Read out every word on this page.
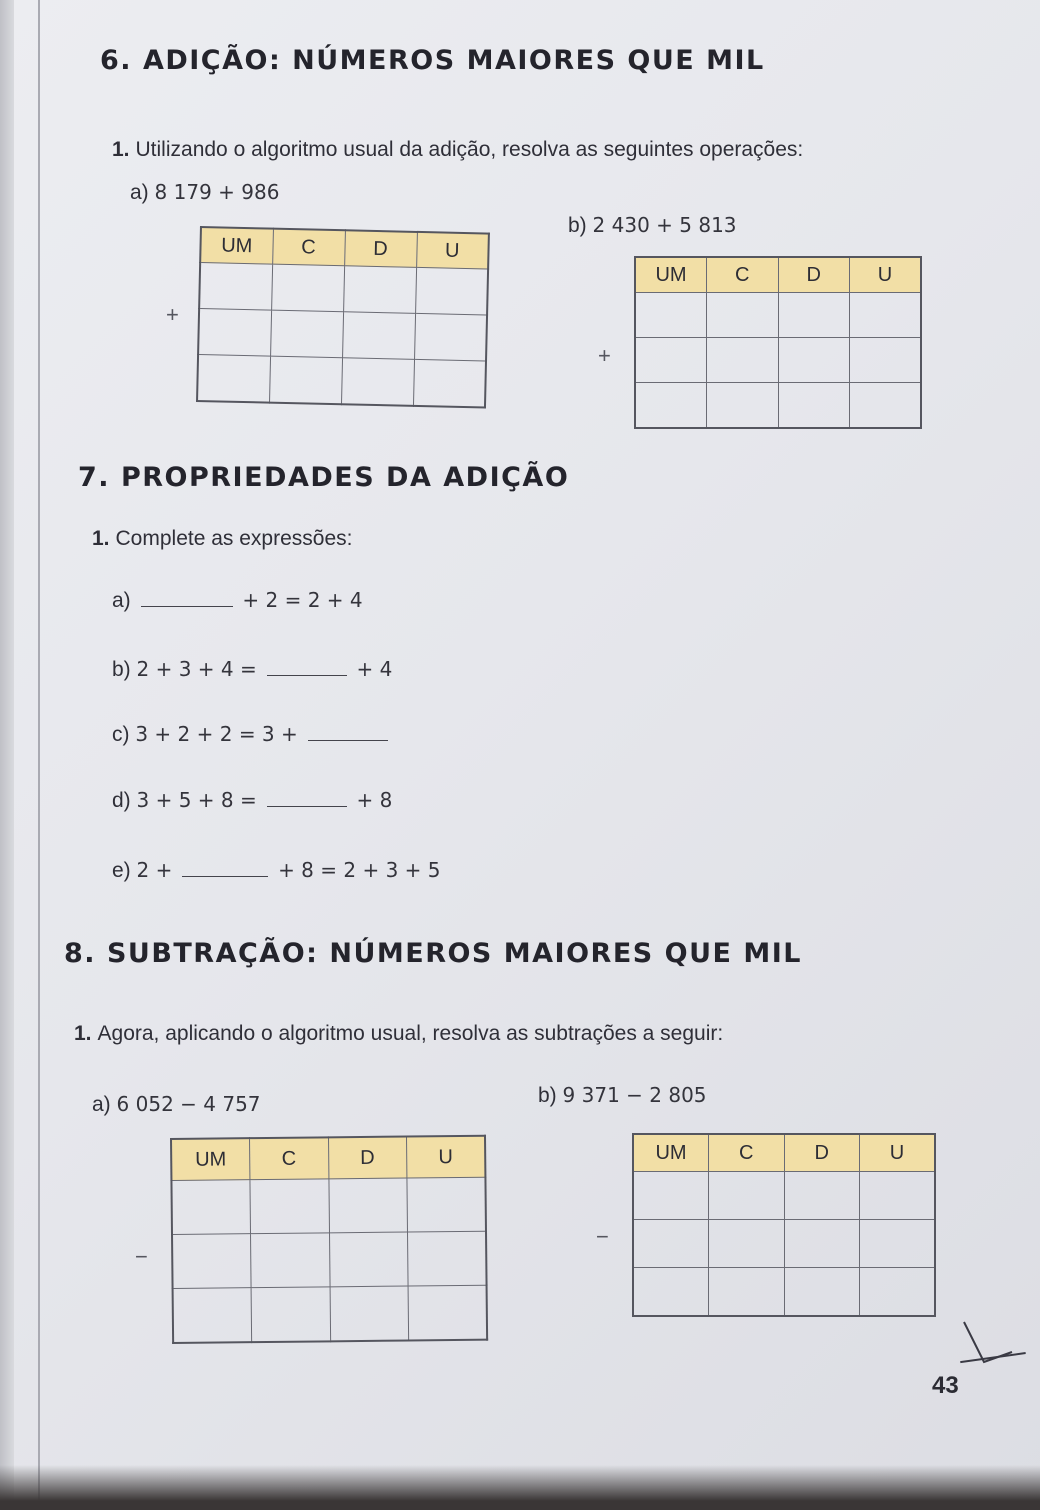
6. ADIÇÃO: NÚMEROS MAIORES QUE MIL
1. Utilizando o algoritmo usual da adição, resolva as seguintes operações:
a) 8 179 + 986
b) 2 430 + 5 813
+
UM	C	D	U

+
UM	C	D	U

7. PROPRIEDADES DA ADIÇÃO
1. Complete as expressões:
a)	+ 2 = 2 + 4
b) 2 + 3 + 4 =	+ 4
c) 3 + 2 + 2 = 3 +
d) 3 + 5 + 8 =	+ 8
e) 2 +	+ 8 = 2 + 3 + 5
8. SUBTRAÇÃO: NÚMEROS MAIORES QUE MIL
1. Agora, aplicando o algoritmo usual, resolva as subtrações a seguir:
a) 6 052 − 4 757	b) 9 371 − 2 805
−
UM	C	D	U

−
UM	C	D	U

43
